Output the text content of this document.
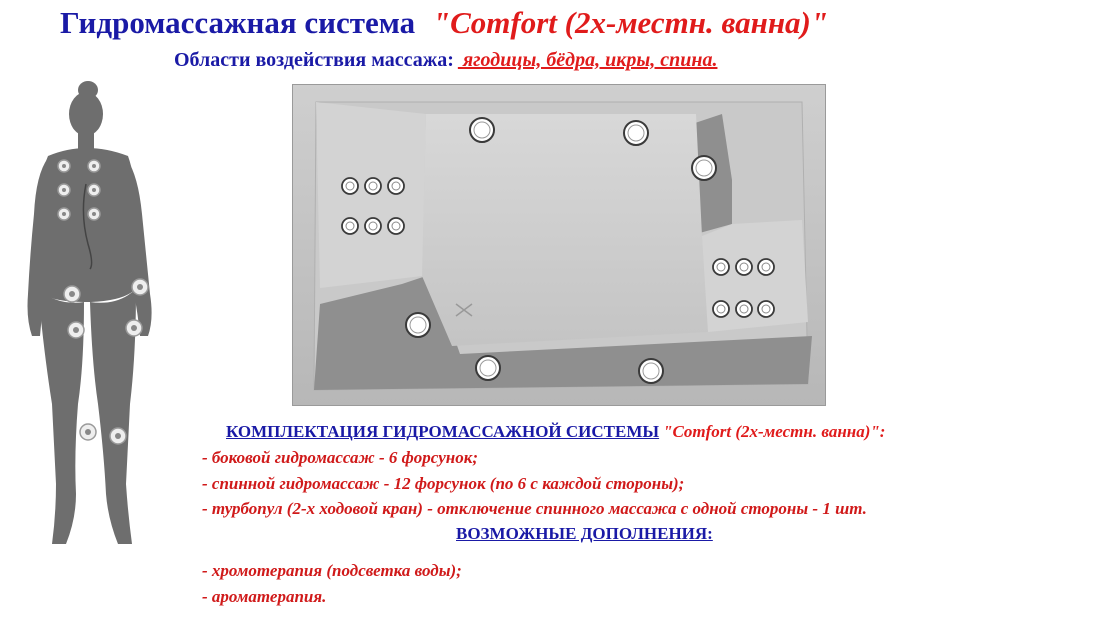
Гидромассажная система "Comfort (2х-местн. ванна)"
Области воздействия массажа: ягодицы, бёдра, икры, спина.
КОМПЛЕКТАЦИЯ ГИДРОМАССАЖНОЙ СИСТЕМЫ "Comfort (2х-местн. ванна)":
- боковой гидромассаж - 6 форсунок;
- спинной гидромассаж - 12 форсунок (по 6 с каждой стороны);
- турбопул (2-х ходовой кран) - отключение спинного массажа с одной стороны - 1 шт.
ВОЗМОЖНЫЕ ДОПОЛНЕНИЯ:
- хромотерапия (подсветка воды);
- ароматерапия.
